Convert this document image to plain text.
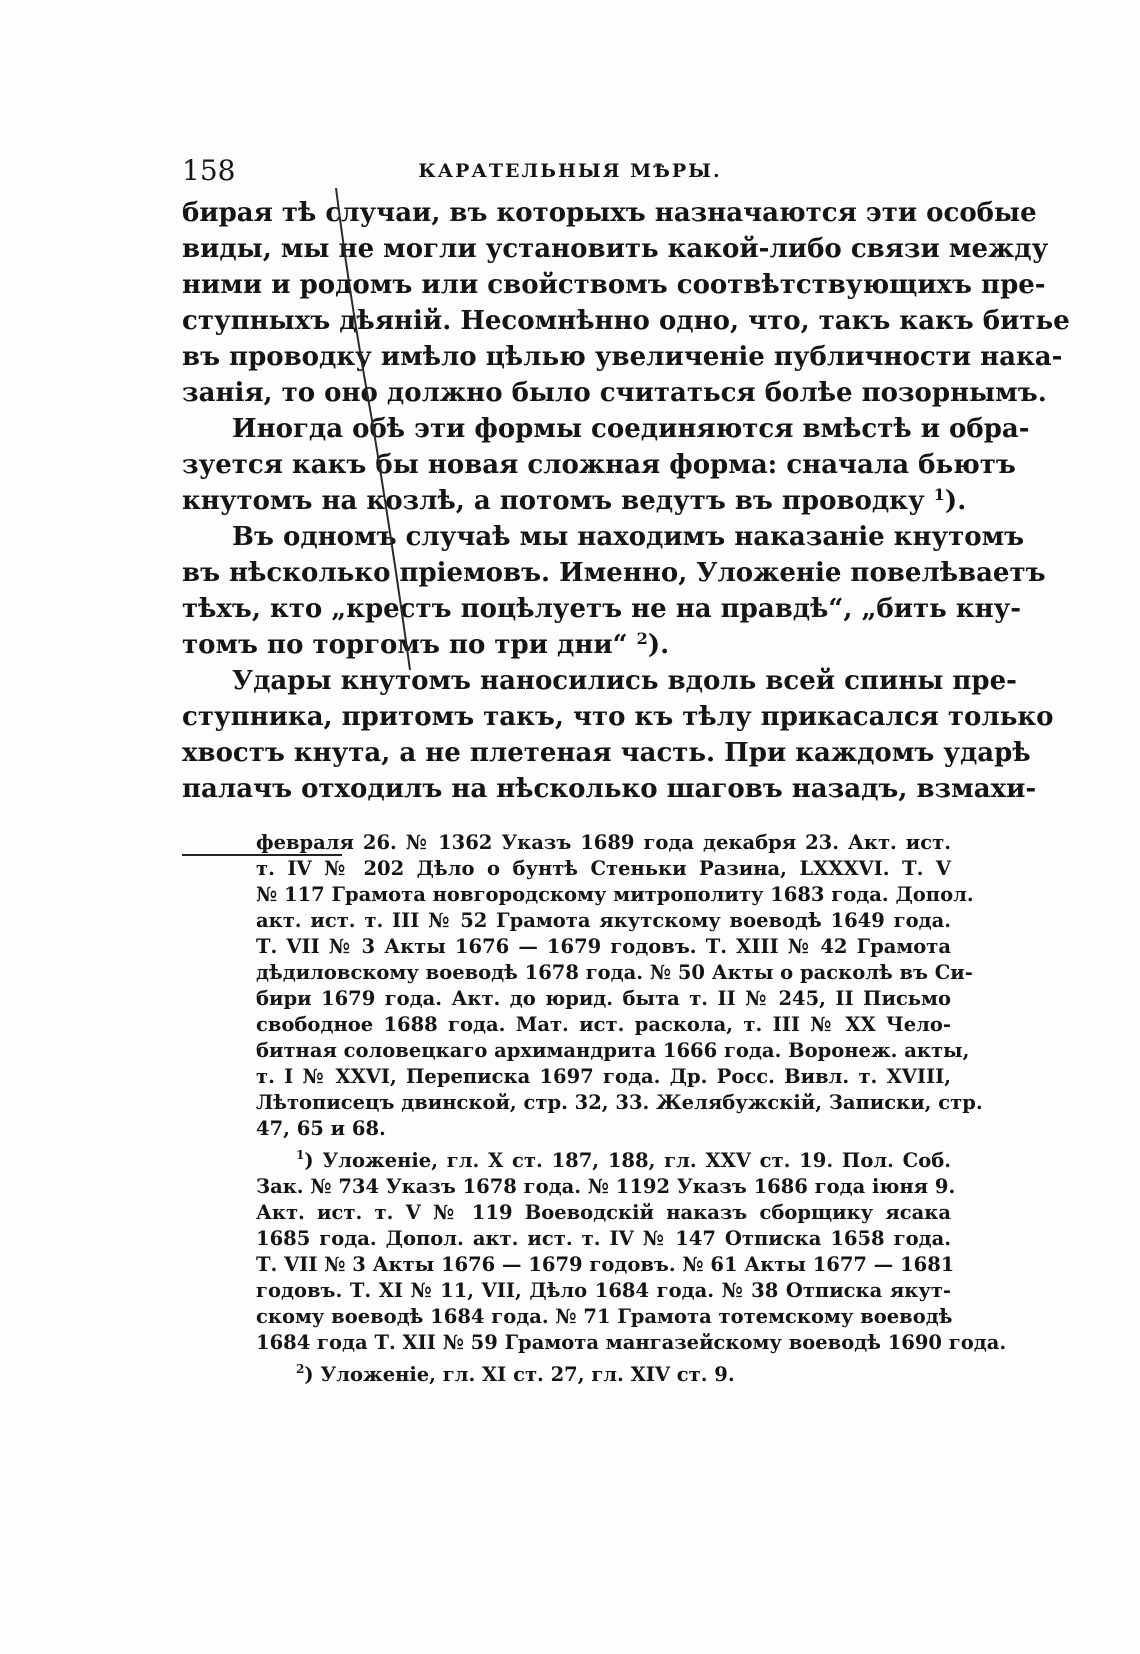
158	КАРАТЕЛЬНЫЯ МѢРЫ.
бирая тѣ случаи, въ которыхъ назначаются эти особые
виды, мы не могли установить какой-либо связи между
ними и родомъ или свойствомъ соотвѣтствующихъ пре-
ступныхъ дѣяній. Несомнѣнно одно, что, такъ какъ битье
въ проводку имѣло цѣлью увеличеніе публичности нака-
занія, то оно должно было считаться болѣе позорнымъ.
Иногда обѣ эти формы соединяются вмѣстѣ и обра-
зуется какъ бы новая сложная форма: сначала бьютъ
кнутомъ на козлѣ, а потомъ ведутъ въ проводку $^1$).
Въ одномъ случаѣ мы находимъ наказаніе кнутомъ
въ нѣсколько пріемовъ. Именно, Уложеніе повелѣваетъ
тѣхъ, кто „крестъ поцѣлуетъ не на правдѣ“, „бить кну-
томъ по торгомъ по три дни“ $^2$).
Удары кнутомъ наносились вдоль всей спины пре-
ступника, притомъ такъ, что къ тѣлу прикасался только
хвостъ кнута, а не плетеная часть. При каждомъ ударѣ
палачъ отходилъ на нѣсколько шаговъ назадъ, взмахи-
февраля 26. № 1362 Указъ 1689 года декабря 23. Акт. ист.
т. IV № 202 Дѣло о бунтѣ Стеньки Разина, LXXXVI. Т. V
№ 117 Грамота новгородскому митрополиту 1683 года. Допол.
акт. ист. т. III № 52 Грамота якутскому воеводѣ 1649 года.
Т. VII № 3 Акты 1676 — 1679 годовъ. Т. XIII № 42 Грамота
дѣдиловскому воеводѣ 1678 года. № 50 Акты о расколѣ въ Си-
бири 1679 года. Акт. до юрид. быта т. II № 245, II Письмо
свободное 1688 года. Мат. ист. раскола, т. III № XX Чело-
битная соловецкаго архимандрита 1666 года. Воронеж. акты,
т. I № XXVI, Переписка 1697 года. Др. Росс. Вивл. т. XVIII,
Лѣтописецъ двинской, стр. 32, 33. Желябужскій, Записки, стр.
47, 65 и 68.
$^1$) Уложеніе, гл. X ст. 187, 188, гл. XXV ст. 19. Пол. Соб.
Зак. № 734 Указъ 1678 года. № 1192 Указъ 1686 года іюня 9.
Акт. ист. т. V № 119 Воеводскій наказъ сборщику ясака
1685 года. Допол. акт. ист. т. IV № 147 Отписка 1658 года.
Т. VII № 3 Акты 1676 — 1679 годовъ. № 61 Акты 1677 — 1681
годовъ. Т. XI № 11, VII, Дѣло 1684 года. № 38 Отписка якут-
скому воеводѣ 1684 года. № 71 Грамота тотемскому воеводѣ
1684 года Т. XII № 59 Грамота мангазейскому воеводѣ 1690 года.
$^2$) Уложеніе, гл. XI ст. 27, гл. XIV ст. 9.
